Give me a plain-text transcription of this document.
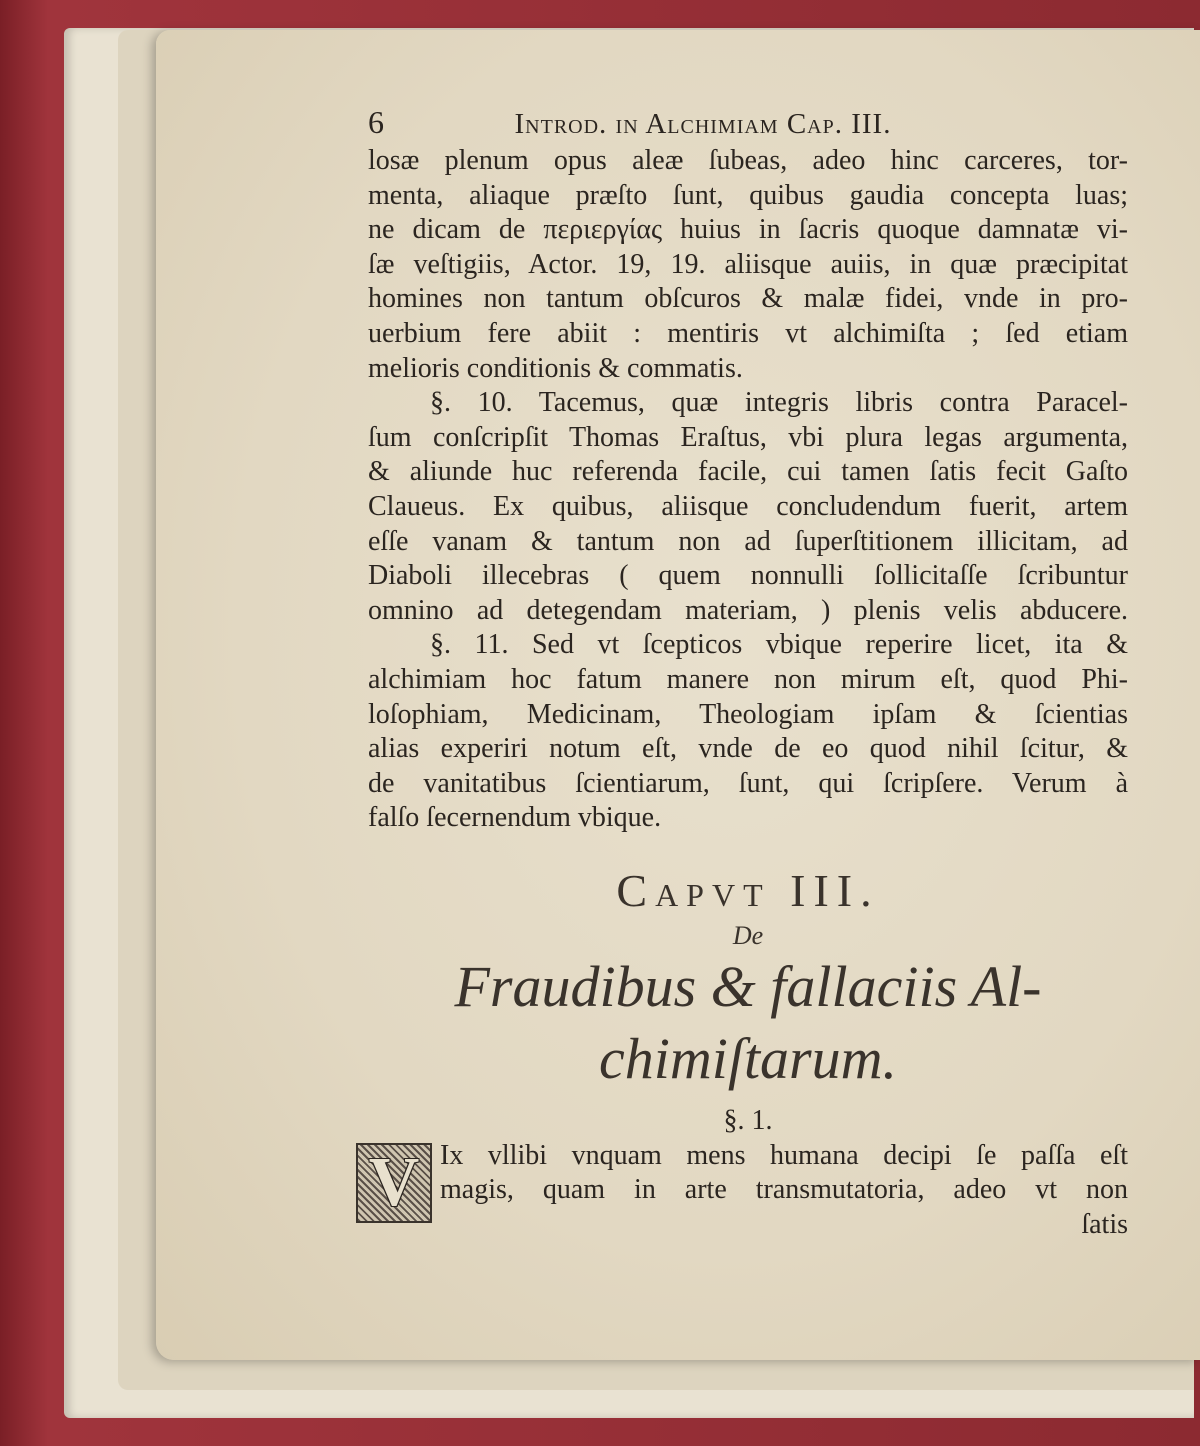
6	Introd. in Alchimiam Cap. III.
losæ plenum opus aleæ ſubeas, adeo hinc carceres, tor-
menta, aliaque præſto ſunt, quibus gaudia concepta luas;
ne dicam de περιεργίας huius in ſacris quoque damnatæ vi-
ſæ veſtigiis, Actor. 19, 19. aliisque auiis, in quæ præcipitat
homines non tantum obſcuros & malæ fidei, vnde in pro-
uerbium fere abiit : mentiris vt alchimiſta ; ſed etiam
melioris conditionis & commatis.
§. 10. Tacemus, quæ integris libris contra Paracel-
ſum conſcripſit Thomas Eraſtus, vbi plura legas argumenta,
& aliunde huc referenda facile, cui tamen ſatis fecit Gaſto
Claueus. Ex quibus, aliisque concludendum fuerit, artem
eſſe vanam & tantum non ad ſuperſtitionem illicitam, ad
Diaboli illecebras ( quem nonnulli ſollicitaſſe ſcribuntur
omnino ad detegendam materiam, ) plenis velis abducere.
§. 11. Sed vt ſcepticos vbique reperire licet, ita &
alchimiam hoc fatum manere non mirum eſt, quod Phi-
loſophiam, Medicinam, Theologiam ipſam & ſcientias
alias experiri notum eſt, vnde de eo quod nihil ſcitur, &
de vanitatibus ſcientiarum, ſunt, qui ſcripſere. Verum à
falſo ſecernendum vbique.
Capvt III.
De
Fraudibus & fallaciis Al-
chimiſtarum.
§. 1.
V Ix vllibi vnquam mens humana decipi ſe paſſa eſt
magis, quam in arte transmutatoria, adeo vt non
ſatis
